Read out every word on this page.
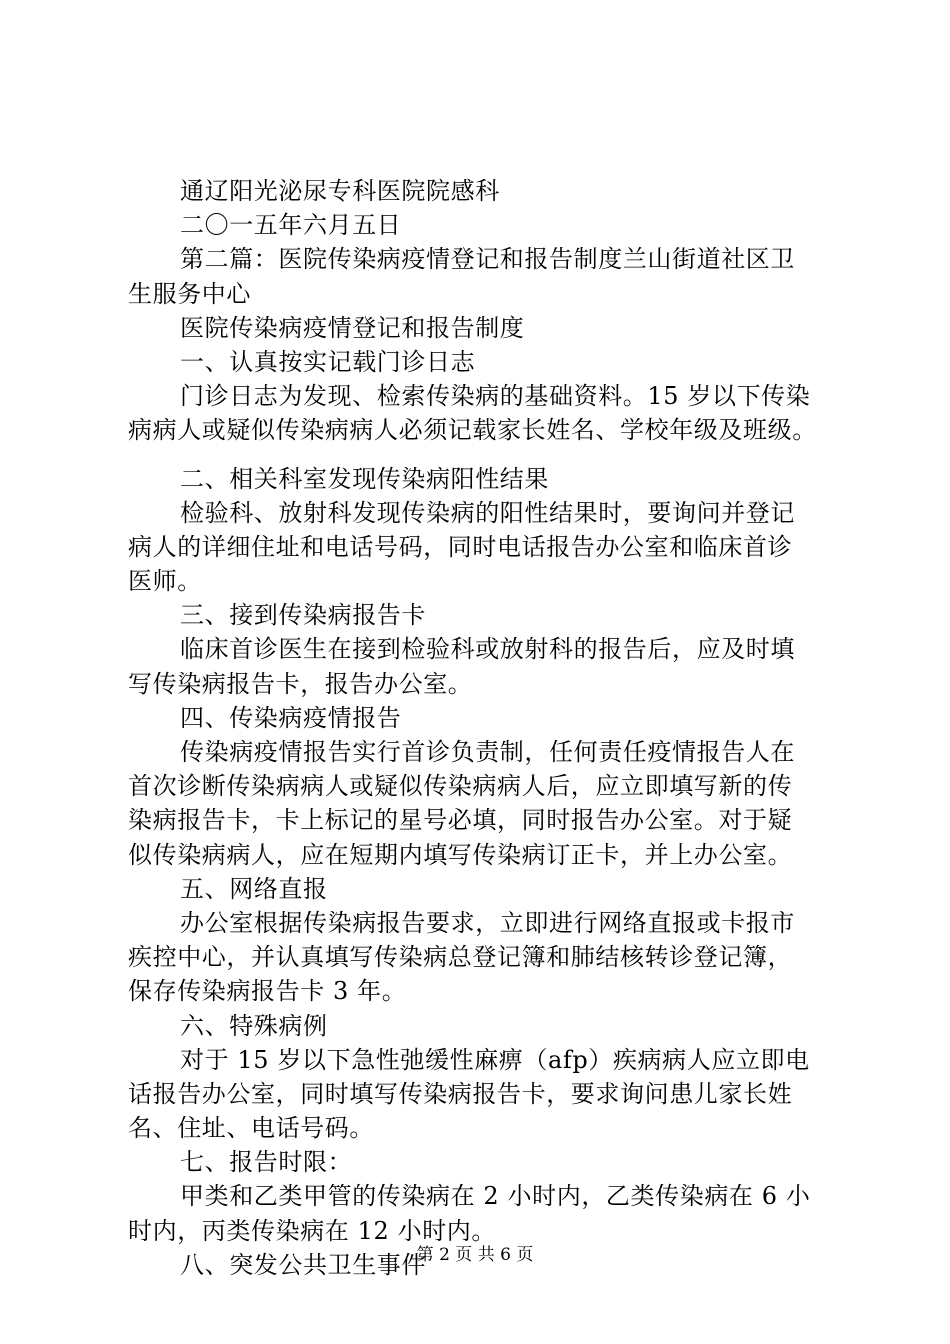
通辽阳光泌尿专科医院院感科
二〇一五年六月五日
第二篇：医院传染病疫情登记和报告制度兰山街道社区卫
生服务中心
医院传染病疫情登记和报告制度
一、认真按实记载门诊日志
门诊日志为发现、检索传染病的基础资料。15 岁以下传染
病病人或疑似传染病病人必须记载家长姓名、学校年级及班级。
二、相关科室发现传染病阳性结果
检验科、放射科发现传染病的阳性结果时，要询问并登记
病人的详细住址和电话号码，同时电话报告办公室和临床首诊
医师。
三、接到传染病报告卡
临床首诊医生在接到检验科或放射科的报告后，应及时填
写传染病报告卡，报告办公室。
四、传染病疫情报告
传染病疫情报告实行首诊负责制，任何责任疫情报告人在
首次诊断传染病病人或疑似传染病病人后，应立即填写新的传
染病报告卡，卡上标记的星号必填，同时报告办公室。对于疑
似传染病病人，应在短期内填写传染病订正卡，并上办公室。
五、网络直报
办公室根据传染病报告要求，立即进行网络直报或卡报市
疾控中心，并认真填写传染病总登记簿和肺结核转诊登记簿，
保存传染病报告卡 3 年。
六、特殊病例
对于 15 岁以下急性弛缓性麻痹（afp）疾病病人应立即电
话报告办公室，同时填写传染病报告卡，要求询问患儿家长姓
名、住址、电话号码。
七、报告时限：
甲类和乙类甲管的传染病在 2 小时内，乙类传染病在 6 小
时内，丙类传染病在 12 小时内。
八、突发公共卫生事件
第 2 页 共 6 页
